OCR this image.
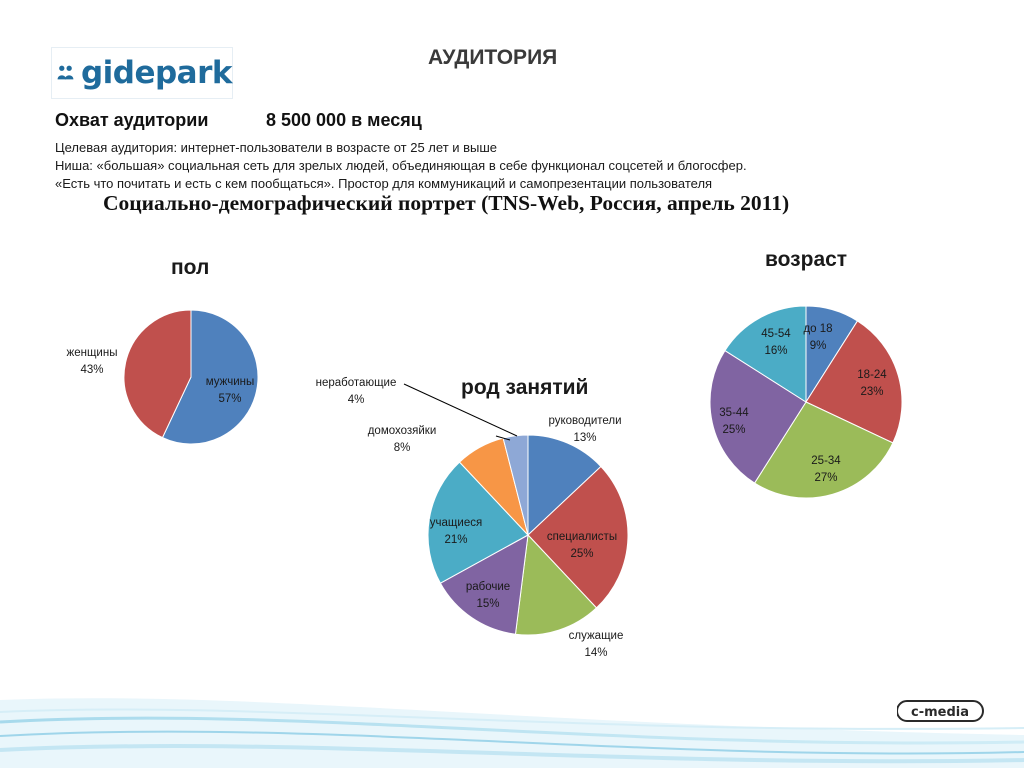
gidepark	АУДИТОРИЯ
Охват аудитории	8 500 000 в месяц
Целевая аудитория: интернет-пользователи в возрасте от 25 лет и выше
Ниша: «большая» социальная сеть для зрелых людей, объединяющая в себе функционал соцсетей и блогосфер.
«Есть что почитать и есть с кем пообщаться». Простор для коммуникаций и самопрезентации пользователя
Социально-демографический портрет (TNS-Web, Россия, апрель 2011)
пол
род занятий
возраст
мужчины
57%
женщины
43%
руководители
13%
специалисты
25%
служащие
14%
рабочие
15%
учащиеся
21%
домохозяйки
8%
неработающие
4%
до 18
9%
18-24
23%
25-34
27%
35-44
25%
45-54
16%
c-media
